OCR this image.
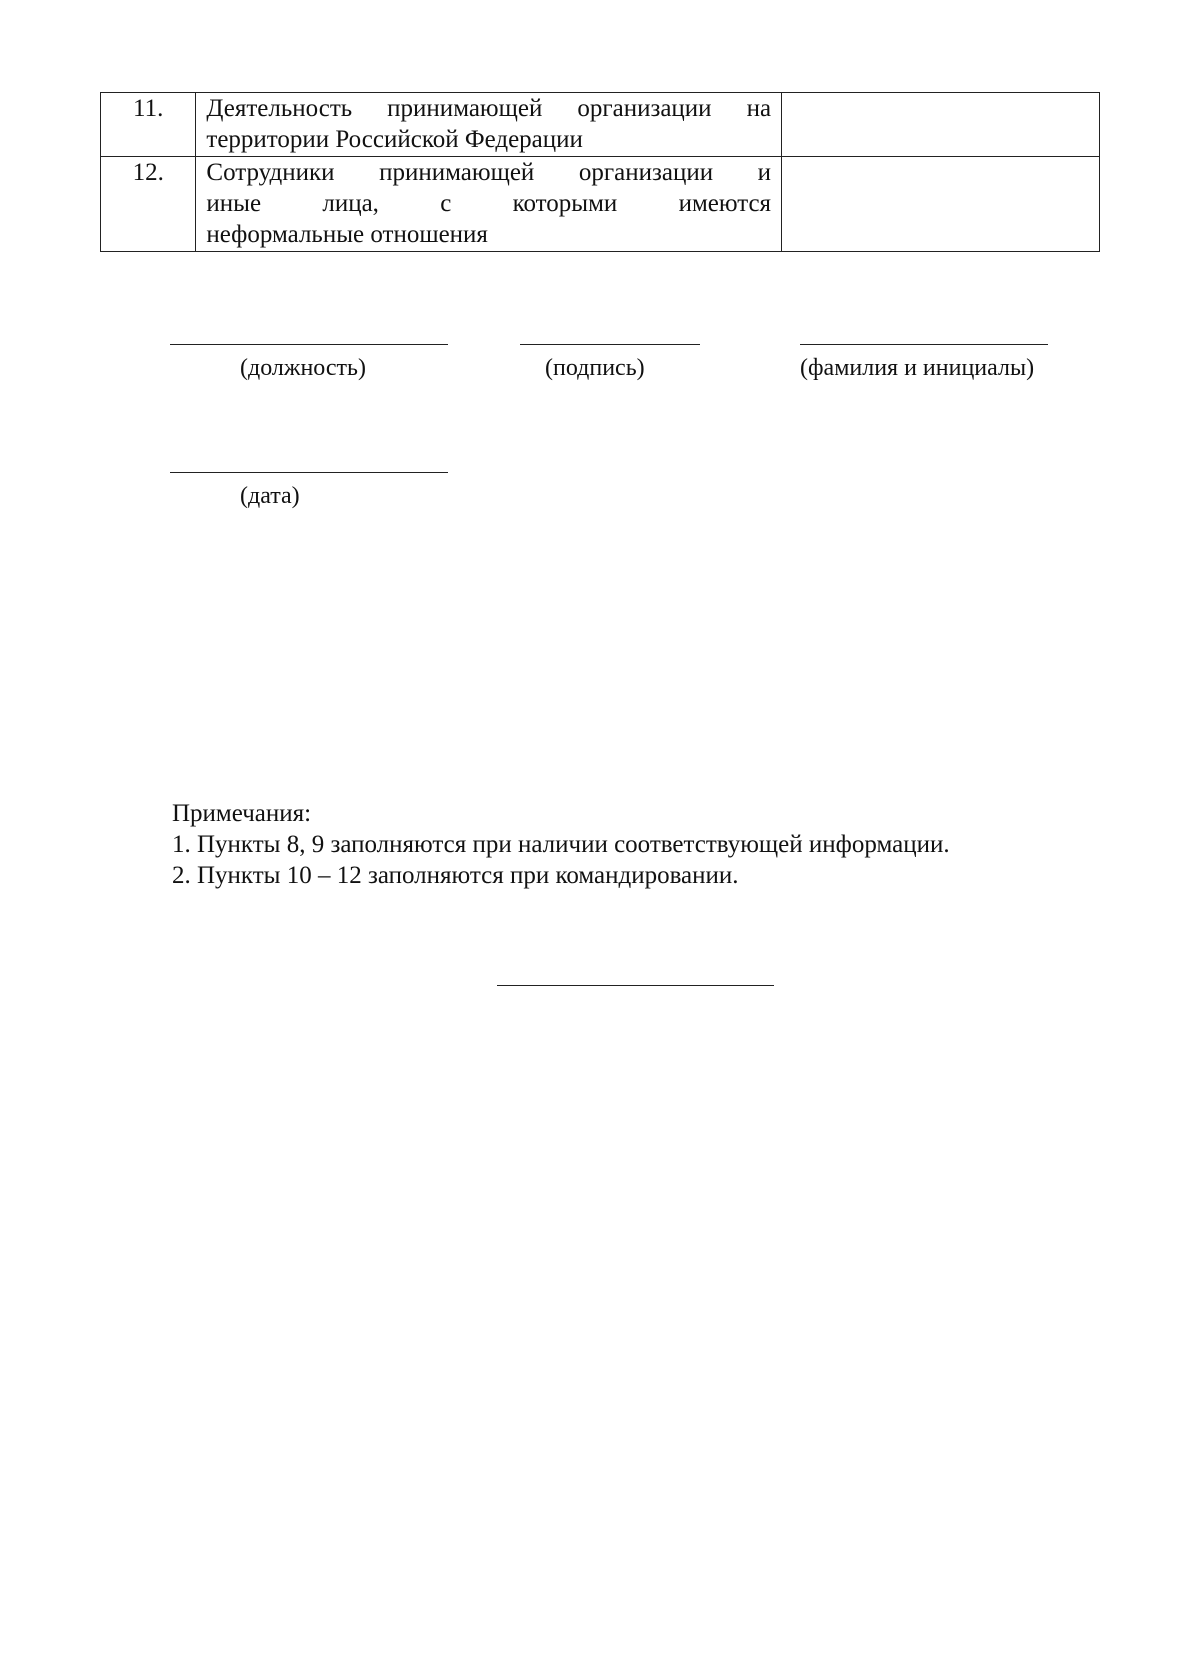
11.	Деятельность принимающей организации на
территории Российской Федерации	

12.	Сотрудники принимающей организации и
иные лица, с которыми имеются
неформальные отношения	

(должность)	(подпись)	(фамилия и инициалы)
(дата)
Примечания:
1. Пункты 8, 9 заполняются при наличии соответствующей информации.
2. Пункты 10 – 12 заполняются при командировании.
